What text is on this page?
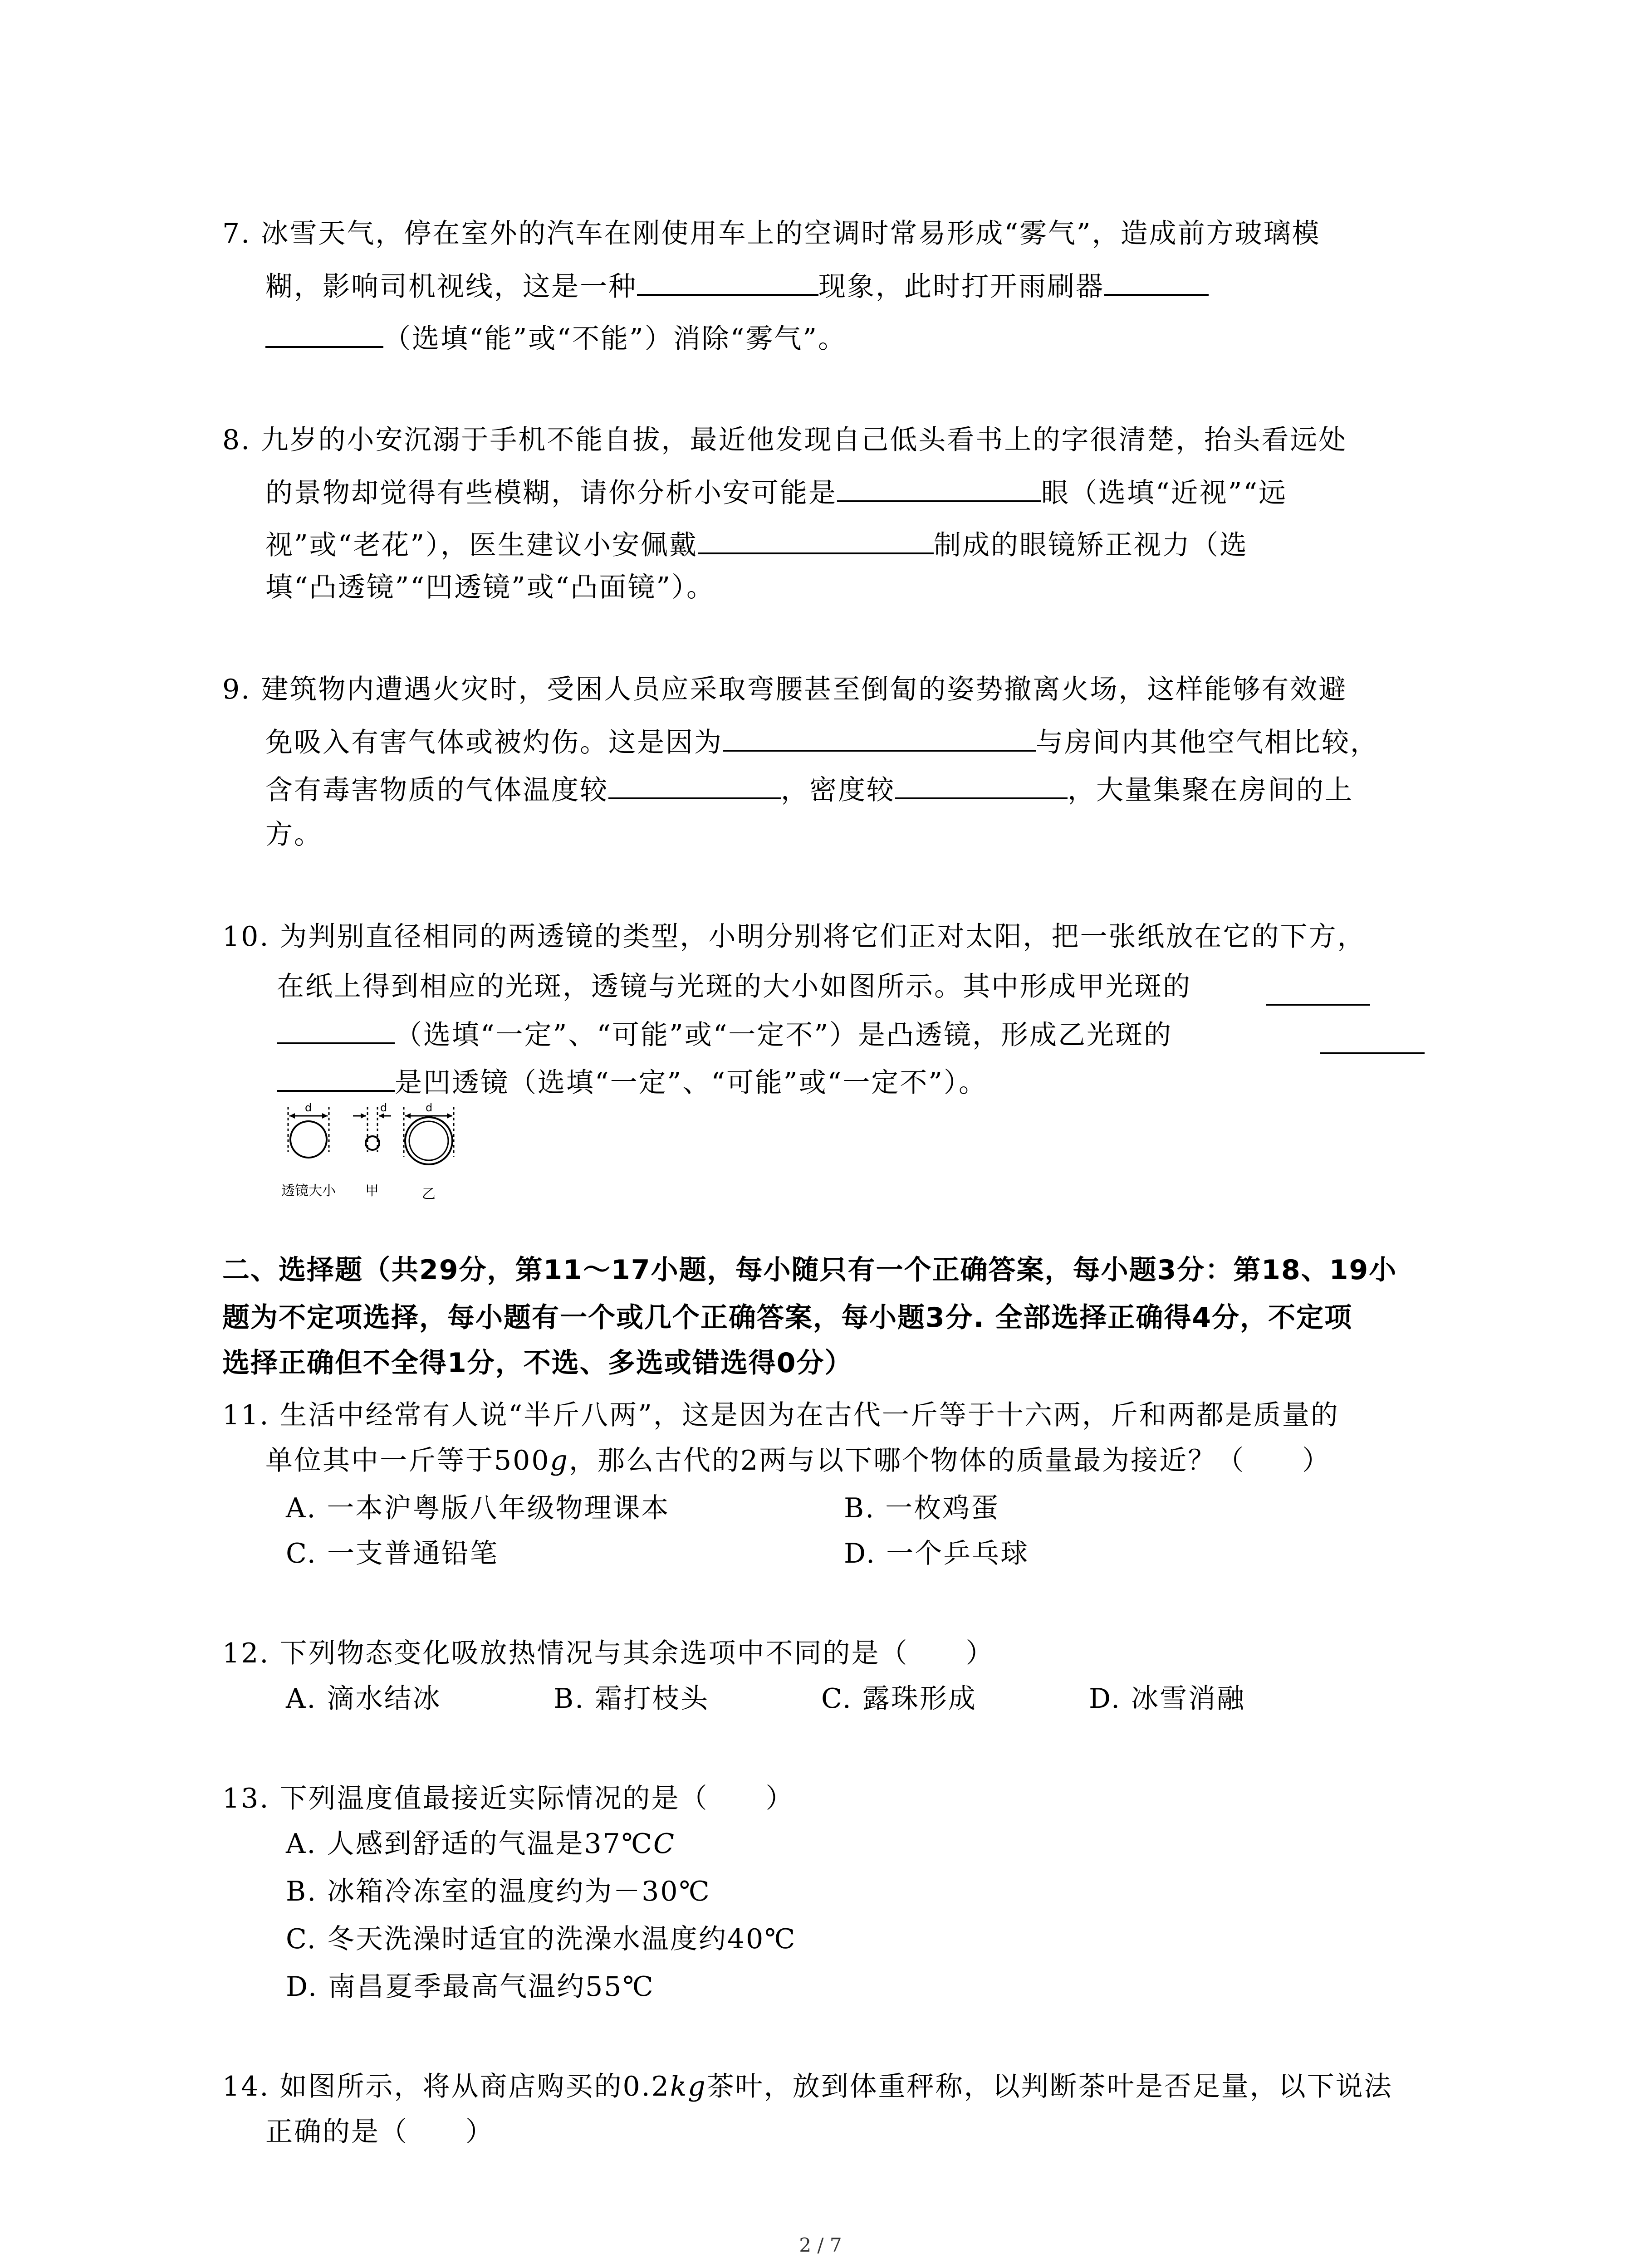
7. 冰雪天气，停在室外的汽车在刚使用车上的空调时常易形成“雾气”，造成前方玻璃模
糊，影响司机视线，这是一种	现象，此时打开雨刷器
（选填“能”或“不能”）消除“雾气”。
8. 九岁的小安沉溺于手机不能自拔，最近他发现自己低头看书上的字很清楚，抬头看远处
的景物却觉得有些模糊，请你分析小安可能是	眼（选填“近视”“远
视”或“老花”），医生建议小安佩戴	制成的眼镜矫正视力（选
填“凸透镜”“凹透镜”或“凸面镜”）。
9. 建筑物内遭遇火灾时，受困人员应采取弯腰甚至倒匐的姿势撤离火场，这样能够有效避
免吸入有害气体或被灼伤。这是因为	与房间内其他空气相比较，
含有毒害物质的气体温度较	，密度较	，大量集聚在房间的上
方。
10. 为判别直径相同的两透镜的类型，小明分别将它们正对太阳，把一张纸放在它的下方，
在纸上得到相应的光斑，透镜与光斑的大小如图所示。其中形成甲光斑的
（选填“一定”、“可能”或“一定不”）是凸透镜，形成乙光斑的
是凹透镜（选填“一定”、“可能”或“一定不”）。
d	d	d
透镜大小 甲	乙
二、选择题（共29分，第11～17小题，每小随只有一个正确答案，每小题3分：第18、19小
题为不定项选择，每小题有一个或几个正确答案，每小题3分. 全部选择正确得4分，不定项
选择正确但不全得1分，不选、多选或错选得0分）
11. 生活中经常有人说“半斤八两”，这是因为在古代一斤等于十六两，斤和两都是质量的
单位其中一斤等于500g，那么古代的2两与以下哪个物体的质量最为接近？（　　）
A. 一本沪粤版八年级物理课本	B. 一枚鸡蛋
C. 一支普通铅笔	D. 一个乒乓球
12. 下列物态变化吸放热情况与其余选项中不同的是（　　）
A. 滴水结冰	B. 霜打枝头	C. 露珠形成	D. 冰雪消融
13. 下列温度值最接近实际情况的是（　　）
A. 人感到舒适的气温是37℃C
B. 冰箱冷冻室的温度约为－30℃
C. 冬天洗澡时适宜的洗澡水温度约40℃
D. 南昌夏季最高气温约55℃
14. 如图所示，将从商店购买的0.2kg茶叶，放到体重秤称，以判断茶叶是否足量，以下说法
正确的是（　　）
2 / 7
